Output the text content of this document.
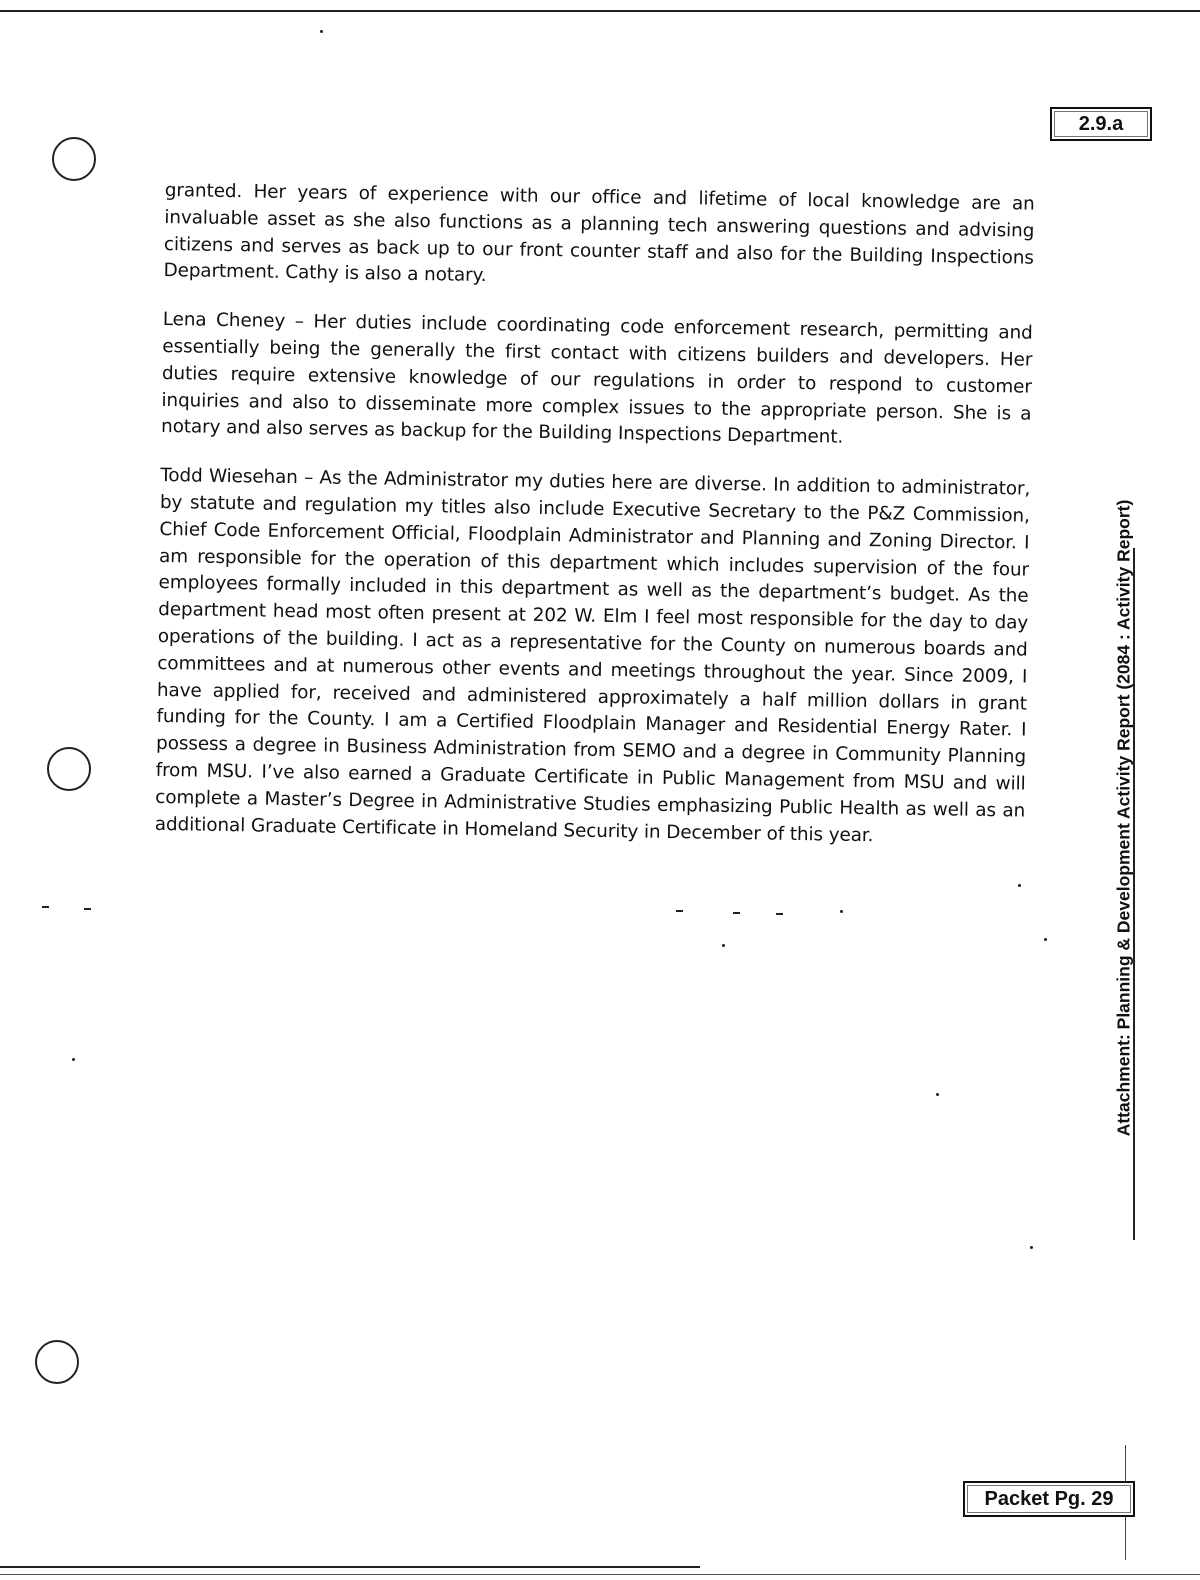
2.9.a

granted. Her years of experience with our office and lifetime of local knowledge are an invaluable asset as she also functions as a planning tech answering questions and advising citizens and serves as back up to our front counter staff and also for the Building Inspections Department. Cathy is also a notary.

Lena Cheney – Her duties include coordinating code enforcement research, permitting and essentially being the generally the first contact with citizens builders and developers. Her duties require extensive knowledge of our regulations in order to respond to customer inquiries and also to disseminate more complex issues to the appropriate person. She is a notary and also serves as backup for the Building Inspections Department.

Todd Wiesehan – As the Administrator my duties here are diverse. In addition to administrator, by statute and regulation my titles also include Executive Secretary to the P&Z Commission, Chief Code Enforcement Official, Floodplain Administrator and Planning and Zoning Director. I am responsible for the operation of this department which includes supervision of the four employees formally included in this department as well as the department’s budget. As the department head most often present at 202 W. Elm I feel most responsible for the day to day operations of the building. I act as a representative for the County on numerous boards and committees and at numerous other events and meetings throughout the year. Since 2009, I have applied for, received and administered approximately a half million dollars in grant funding for the County. I am a Certified Floodplain Manager and Residential Energy Rater. I possess a degree in Business Administration from SEMO and a degree in Community Planning from MSU. I’ve also earned a Graduate Certificate in Public Management from MSU and will complete a Master’s Degree in Administrative Studies emphasizing Public Health as well as an additional Graduate Certificate in Homeland Security in December of this year.	Attachment: Planning & Development Activity Report (2084 : Activity Report)
Packet Pg. 29
